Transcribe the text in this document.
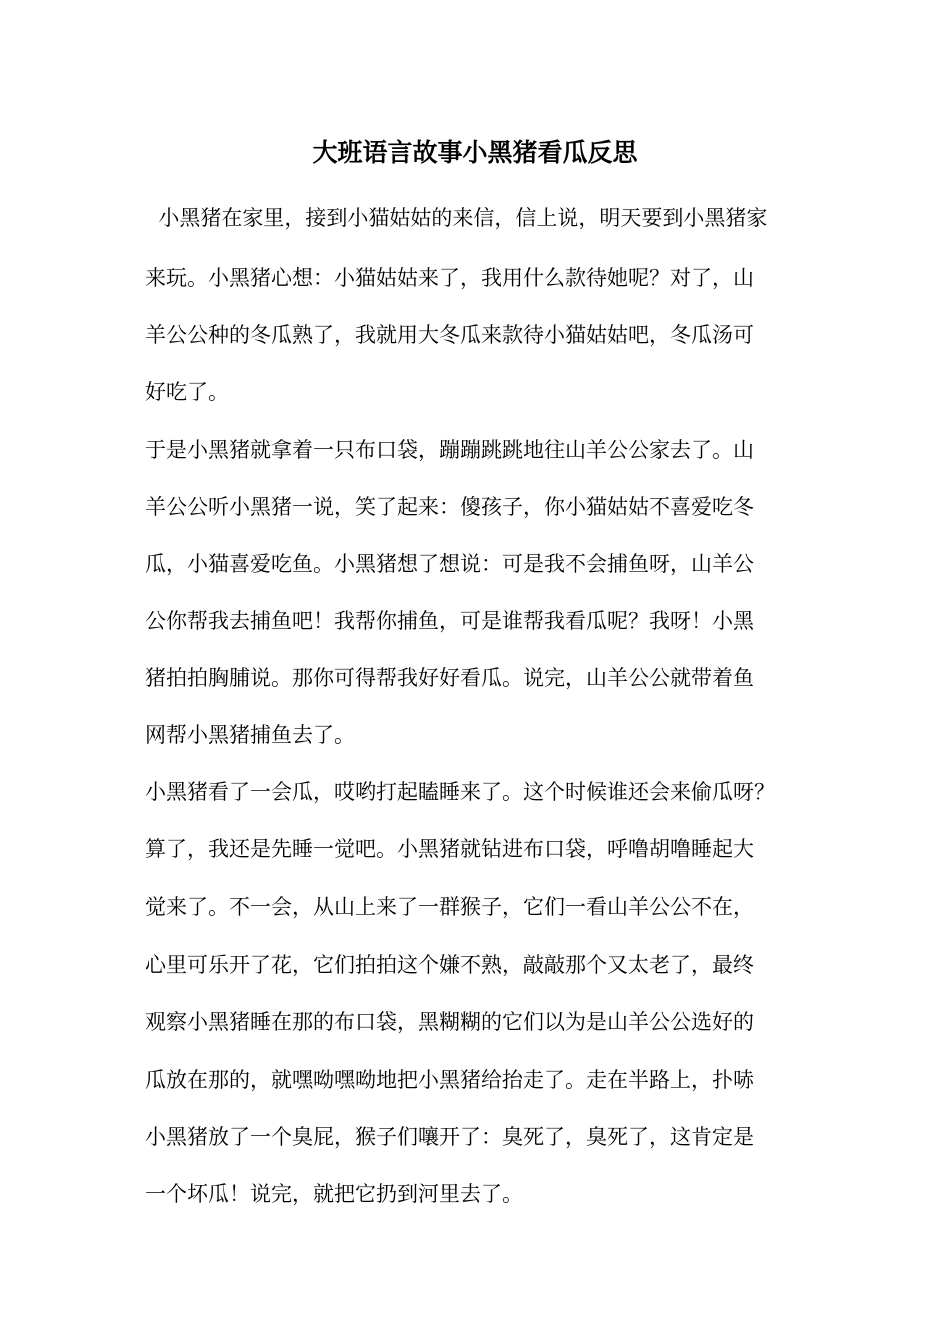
大班语言故事小黑猪看瓜反思
小黑猪在家里，接到小猫姑姑的来信，信上说，明天要到小黑猪家
来玩。小黑猪心想：小猫姑姑来了，我用什么款待她呢？对了，山
羊公公种的冬瓜熟了，我就用大冬瓜来款待小猫姑姑吧，冬瓜汤可
好吃了。
于是小黑猪就拿着一只布口袋，蹦蹦跳跳地往山羊公公家去了。山
羊公公听小黑猪一说，笑了起来：傻孩子，你小猫姑姑不喜爱吃冬
瓜，小猫喜爱吃鱼。小黑猪想了想说：可是我不会捕鱼呀，山羊公
公你帮我去捕鱼吧！我帮你捕鱼，可是谁帮我看瓜呢？我呀！小黑
猪拍拍胸脯说。那你可得帮我好好看瓜。说完，山羊公公就带着鱼
网帮小黑猪捕鱼去了。
小黑猪看了一会瓜，哎哟打起瞌睡来了。这个时候谁还会来偷瓜呀？
算了，我还是先睡一觉吧。小黑猪就钻进布口袋，呼噜胡噜睡起大
觉来了。不一会，从山上来了一群猴子，它们一看山羊公公不在，
心里可乐开了花，它们拍拍这个嫌不熟，敲敲那个又太老了，最终
观察小黑猪睡在那的布口袋，黑糊糊的它们以为是山羊公公选好的
瓜放在那的，就嘿呦嘿呦地把小黑猪给抬走了。走在半路上，扑哧
小黑猪放了一个臭屁，猴子们嚷开了：臭死了，臭死了，这肯定是
一个坏瓜！说完，就把它扔到河里去了。
